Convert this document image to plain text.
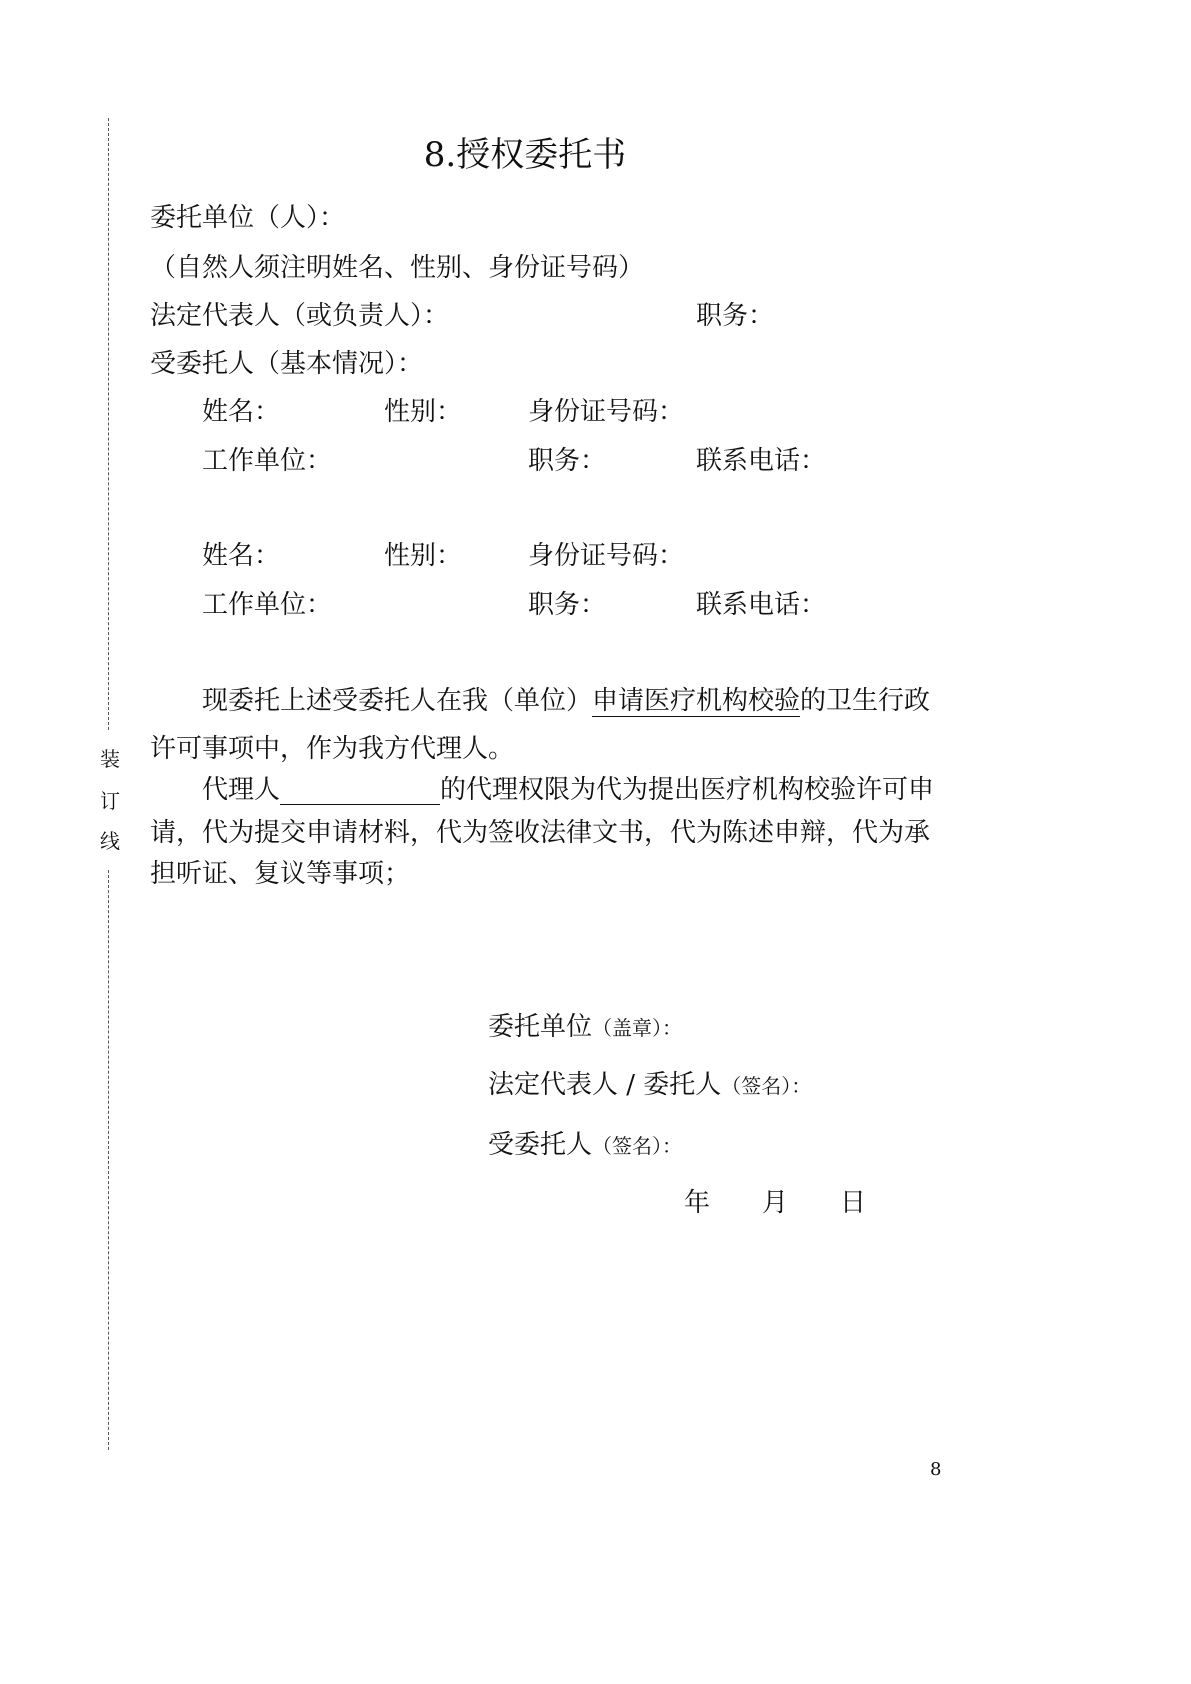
装
订
线
8.授权委托书
委托单位（人）：
（自然人须注明姓名、性别、身份证号码）
法定代表人（或负责人）：	职务：
受委托人（基本情况）：
姓名：	性别：	身份证号码：
工作单位：	职务：	联系电话：
姓名：	性别：	身份证号码：
工作单位：	职务：	联系电话：
现委托上述受委托人在我（单位）申请医疗机构校验的卫生行政
许可事项中，作为我方代理人。
代理人	的代理权限为代为提出医疗机构校验许可申
请，代为提交申请材料，代为签收法律文书，代为陈述申辩，代为承
担听证、复议等事项；
委托单位（盖章）：
法定代表人 / 委托人（签名）：
受委托人（签名）：
年 月 日
8
